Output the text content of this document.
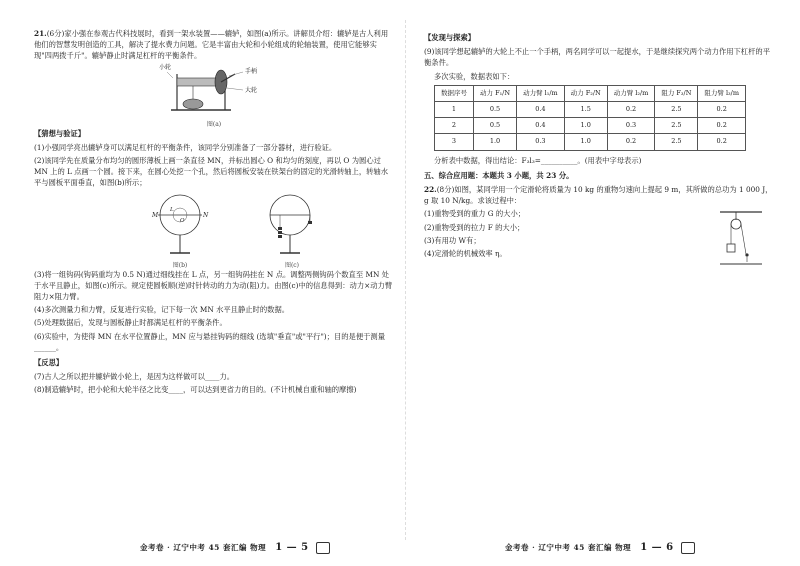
21.(6分)家小强在参观古代科技展时，看到一架水装置——辘轳，如图(a)所示。讲解员介绍：辘轳是古人利用他们的智慧发明创造的工具，解决了提水费力问题。它是丰富由大轮和小轮组成的轮轴装置，使用它能够实现"四两拨千斤"。辘轳静止时满足杠杆的平衡条件。

小轮
手柄
大轮
图(a)

【猜想与验证】

(1)小强同学亮出辘轳身可以满足杠杆的平衡条件，该同学分别准备了一部分器材，进行验证。

(2)该同学先在质量分布均匀的圆形薄板上画一条直径 MN，并标出圆心 O 和均匀的刻度，再以 O 为圆心过 MN 上的 L 点画一个圆。接下来，在圆心处挖一个孔，然后将圆板安装在铁架台的固定的光滑转轴上，转轴水平与圆板平面垂直，如图(b)所示；

M	N
L
O
图(b)	图(c)

(3)将一组钩码(钩码重均为 0.5 N)通过细线挂在 L 点，另一组钩码挂在 N 点。调整两侧钩码个数直至 MN 处于水平且静止，如图(c)所示。规定使圆板顺(逆)时针转动的力为动(阻)力。由图(c)中的信息得到：动力×动力臂 阻力×阻力臂。

(4)多次测量力和力臂，反复进行实验，记下每一次 MN 水平且静止时的数据。

(5)处理数据后，发现与圆板静止时都满足杠杆的平衡条件。

(6)实验中，为使得 MN 在水平位置静止，MN 应与悬挂钩码的细线 (选填"垂直"或"平行")；目的是便于测量______。

【反思】

(7)古人之所以把井辘轳做小轮上，是因为这样做可以____力。

(8)制造辘轳时，把小轮和大轮半径之比变____，可以达到更省力的目的。(不计机械自重和轴的摩擦)

【发现与探索】

(9)该同学想起辘轳的大轮上不止一个手柄，两名同学可以一起提水，于是继续探究两个动力作用下杠杆的平衡条件。

多次实验，数据表如下：

数据序号	动力 F₁/N	动力臂 l₁/m	动力 F₂/N	动力臂 l₂/m	阻力 F₃/N	阻力臂 l₃/m
1	0.5	0.4	1.5	0.2	2.5	0.2
2	0.5	0.4	1.0	0.3	2.5	0.2
3	1.0	0.3	1.0	0.2	2.5	0.2

分析表中数据，得出结论：F₃l₃=__________。(用表中字母表示)

五、综合应用题：本题共 3 小题，共 23 分。

22.(8分)如图，某同学用一个定滑轮将质量为 10 kg 的重物匀速向上提起 9 m，其所做的总功为 1 000 J，g 取 10 N/kg。求该过程中：

(1)重物受到的重力 G 的大小；

(2)重物受到的拉力 F 的大小；

(3)有用功 W有；

(4)定滑轮的机械效率 η。

金考卷 · 辽宁中考 45 套汇编 物理 1 — 5	金考卷 · 辽宁中考 45 套汇编 物理 1 — 6
